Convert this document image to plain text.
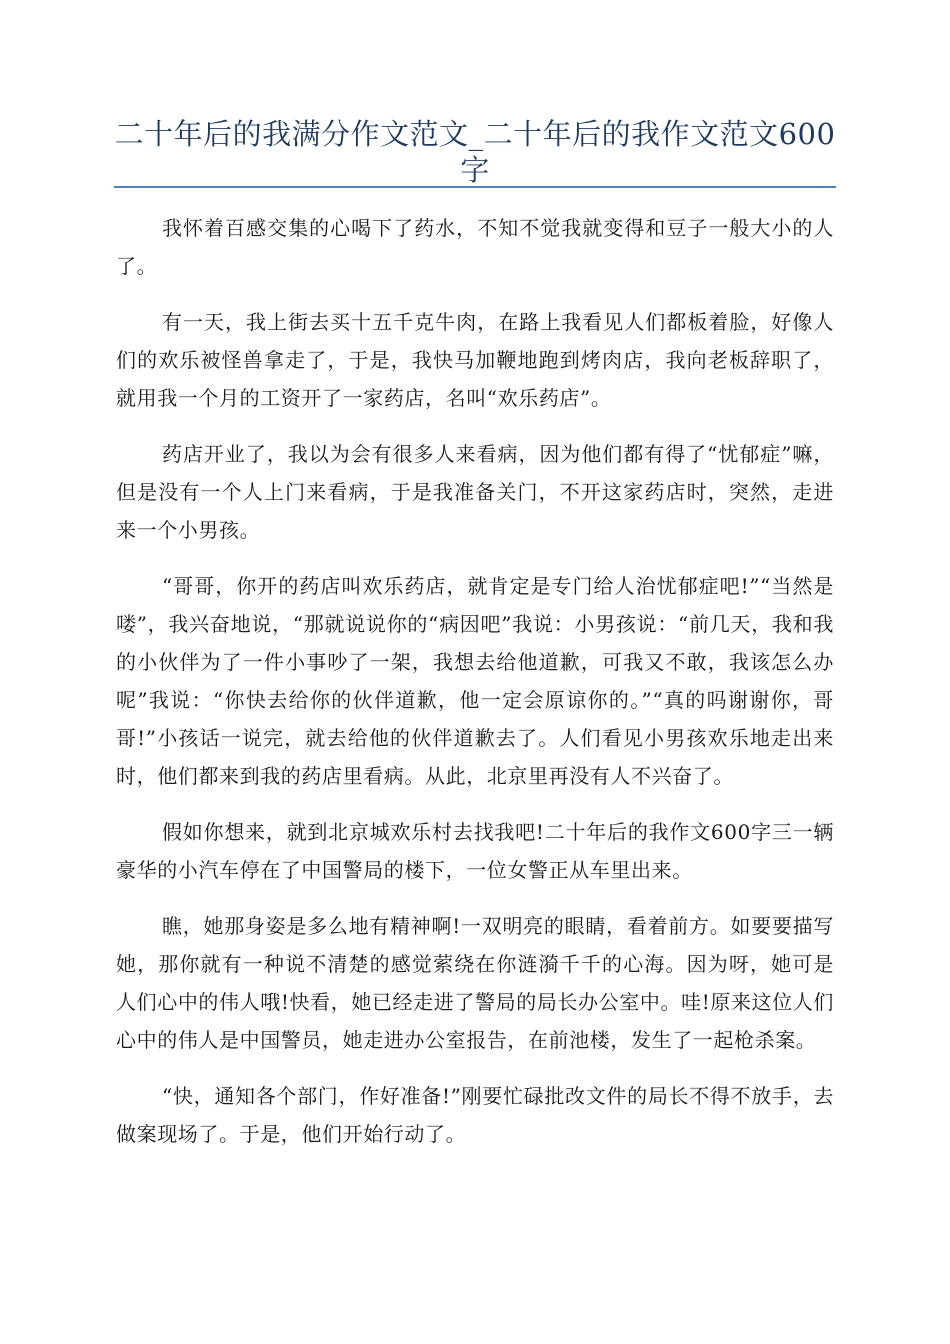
二十年后的我满分作文范文_二十年后的我作文范文600字

我怀着百感交集的心喝下了药水，不知不觉我就变得和豆子一般大小的人了。

有一天，我上街去买十五千克牛肉，在路上我看见人们都板着脸，好像人们的欢乐被怪兽拿走了，于是，我快马加鞭地跑到烤肉店，我向老板辞职了，就用我一个月的工资开了一家药店，名叫“欢乐药店”。

药店开业了，我以为会有很多人来看病，因为他们都有得了“忧郁症”嘛，但是没有一个人上门来看病，于是我准备关门，不开这家药店时，突然，走进来一个小男孩。

“哥哥，你开的药店叫欢乐药店，就肯定是专门给人治忧郁症吧!”“当然是喽”，我兴奋地说，“那就说说你的“病因吧”我说：小男孩说：“前几天，我和我的小伙伴为了一件小事吵了一架，我想去给他道歉，可我又不敢，我该怎么办呢”我说：“你快去给你的伙伴道歉，他一定会原谅你的。”“真的吗谢谢你，哥哥!”小孩话一说完，就去给他的伙伴道歉去了。人们看见小男孩欢乐地走出来时，他们都来到我的药店里看病。从此，北京里再没有人不兴奋了。

假如你想来，就到北京城欢乐村去找我吧!二十年后的我作文600字三一辆豪华的小汽车停在了中国警局的楼下，一位女警正从车里出来。

瞧，她那身姿是多么地有精神啊!一双明亮的眼睛，看着前方。如要要描写她，那你就有一种说不清楚的感觉萦绕在你涟漪千千的心海。因为呀，她可是人们心中的伟人哦!快看，她已经走进了警局的局长办公室中。哇!原来这位人们心中的伟人是中国警员，她走进办公室报告，在前池楼，发生了一起枪杀案。

“快，通知各个部门，作好准备!”刚要忙碌批改文件的局长不得不放手，去做案现场了。于是，他们开始行动了。
